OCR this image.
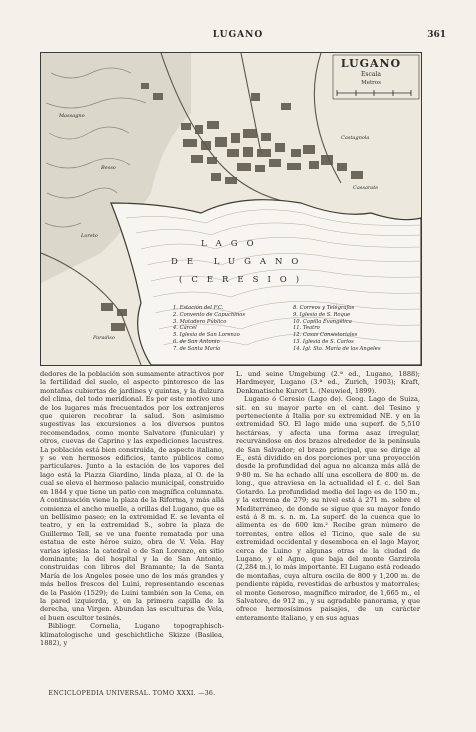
LUGANO	361
LUGANO
Escala
Metros
Massagno
Cassarate
Castagnola
Paradiso
Loreto
Besso
LAGO
DE LUGANO
(CERESIO)
1. Estación del F.C.
2. Convento de Capuchinos
3. Matadero Público
4. Cárcel
5. Iglesia de San Lorenzo
6. de San Antonio
7. de Santa María
8. Correos y Telégrafos
9. Iglesia de S. Roque
10. Capilla Evangélica
11. Teatro
12. Casas Consistoriales
13. Iglesia de S. Carlos
14. Igl. Sta. María de los Angeles

dedores de la población son sumamente atractivos por la fertilidad del suelo, el aspecto pintoresco de las montañas cubiertas de jardines y quintas, y la dulzura del clima, del todo meridional. Es por este motivo uno de los lugares más frecuentados por los extranjeros que quieren recobrar la salud. Son asimismo sugestivas las excursiones a los diversos puntos recomendados, como monte Salvatore (funicular) y otros, cuevas de Caprino y las expediciones lacustres. La población está bien construida, de aspecto italiano, y se ven hermosos edificios, tanto públicos como particulares. Junto a la estación de los vapores del lago está la Piazza Giardino, linda plaza, al O. de la cual se eleva el hermoso palacio municipal, construido en 1844 y que tiene un patio con magnífica columnata. A continuación viene la plaza de la Riforma, y más allá comienza el ancho muelle, a orillas del Lugano, que es un bellísimo paseo; en la extremidad E. se levanta el teatro, y en la extremidad S., sobre la plaza de Guillermo Tell, se ve una fuente rematada por una estatua de este héroe suizo, obra de V. Vela. Hay varias iglesias: la catedral o de San Lorenzo, en sitio dominante; la del hospital y la de San Antonio, construidas con libros del Bramante; la de Santa María de los Angeles posee uno de los más grandes y más bellos frescos del Luini, representando escenas de la Pasión (1529); de Luini también son la Cena, en la pared izquierda, y, en la primera capilla de la derecha, una Virgen. Abundan las esculturas de Vela, el buen escultor tesinés.

Bibliogr. Cornelia, Lugano topographisch-klimatologische und geschichtliche Skizze (Basilea, 1882), y

L. und seine Umgebung (2.ª ed., Lugano, 1888); Hardmeyer, Lugano (3.ª ed., Zurich, 1903); Kraft, Denkmatische Kurort L. (Neuwied, 1899).

Lugano ó Ceresio (Lago de). Geog. Lago de Suiza, sit. en su mayor parte en el cant. del Tesino y perteneciente á Italia por su extremidad NE. y en la extremidad SO. El lago mide una superf. de 5,510 hectáreas, y afecta una forma asaz irregular, recurvándose en dos brazos alrededor de la península de San Salvador; el brazo principal, que se dirige al E., está dividido en dos porciones por una proyección desde la profundidad del agua no alcanza más allá de 9·80 m. Se ha echado allí una escollera de 800 m. de long., que atraviesa en la actualidad el f. c. del San Gotardo. La profundidad media del lago es de 150 m., y la extrema de 279; su nivel está á 271 m. sobre el Mediterráneo, de donde se sigue que su mayor fondo está á 8 m. s. n. m. La superf. de la cuenca que lo alimenta es de 600 km.² Recibe gran número de torrentes, entre ellos el Ticino, que sale de su extremidad occidental y desemboca en el lago Mayor, cerca de Luino y algunas otras de la ciudad de Lugano, y el Agno, que baja del monte Garzirola (2,284 m.), lo más importante. El Lugano está rodeado de montañas, cuya altura oscila de 800 y 1,200 m. de pendiente rápida, revestidas de arbustos y matorrales; el monte Generoso, magnífico mirador, de 1,665 m., el Salvatore, de 912 m., y su agradable panorama, y que ofrece hermosísimos paisajes, de un carácter enteramente italiano, y en sus aguas

ENCICLOPEDIA UNIVERSAL. TOMO XXXI. —36.
